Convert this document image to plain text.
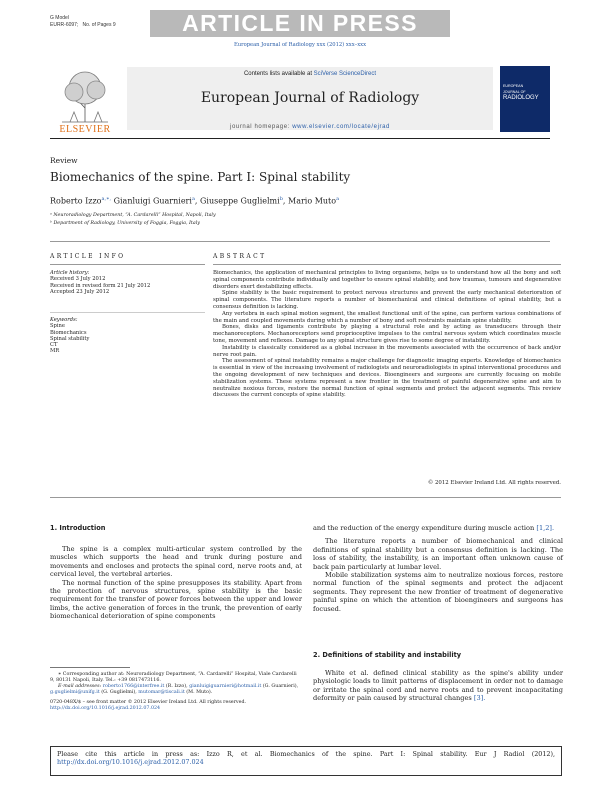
G Model
EURR-6097; No. of Pages 9	ARTICLE IN PRESS
European Journal of Radiology xxx (2012) xxx–xxx
ELSEVIER
Contents lists available at SciVerse ScienceDirect
European Journal of Radiology
journal homepage: www.elsevier.com/locate/ejrad
EUROPEAN
JOURNAL OF
RADIOLOGY
Review
Biomechanics of the spine. Part I: Spinal stability
Roberto Izzo$^{a,∗,}$ Gianluigi Guarnieri$^a$, Giuseppe Guglielmi$^b$, Mario Muto$^a$
ᵃ Neuroradiology Department, “A. Cardarelli” Hospital, Napoli, Italy
ᵇ Department of Radiology, University of Foggia, Foggia, Italy
ARTICLE INFO	ABSTRACT
Article history:
Received 3 July 2012
Received in revised form 21 July 2012
Accepted 23 July 2012
Keywords:
Spine
Biomechanics
Spinal stability
CT
MR

Biomechanics, the application of mechanical principles to living organisms, helps us to understand how all the bony and soft spinal components contribute individually and together to ensure spinal stability, and how traumas, tumours and degenerative disorders exert destabilizing effects.

Spine stability is the basic requirement to protect nervous structures and prevent the early mechanical deterioration of spinal components. The literature reports a number of biomechanical and clinical definitions of spinal stability, but a consensus definition is lacking.

Any vertebra in each spinal motion segment, the smallest functional unit of the spine, can perform various combinations of the main and coupled movements during which a number of bony and soft restraints maintain spine stability.

Bones, disks and ligaments contribute by playing a structural role and by acting as transducers through their mechanoreceptors. Mechanoreceptors send proprioceptive impulses to the central nervous system which coordinates muscle tone, movement and reflexes. Damage to any spinal structure gives rise to some degree of instability.

Instability is classically considered as a global increase in the movements associated with the occurrence of back and/or nerve root pain.

The assessment of spinal instability remains a major challenge for diagnostic imaging experts. Knowledge of biomechanics is essential in view of the increasing involvement of radiologists and neuroradiologists in spinal interventional procedures and the ongoing development of new techniques and devices. Bioengineers and surgeons are currently focusing on mobile stabilization systems. These systems represent a new frontier in the treatment of painful degenerative spine and aim to neutralize noxious forces, restore the normal function of spinal segments and protect the adjacent segments. This review discusses the current concepts of spine stability.

© 2012 Elsevier Ireland Ltd. All rights reserved.
1. Introduction

The spine is a complex multi-articular system controlled by the muscles which supports the head and trunk during posture and movements and encloses and protects the spinal cord, nerve roots and, at cervical level, the vertebral arteries.

The normal function of the spine presupposes its stability. Apart from the protection of nervous structures, spine stability is the basic requirement for the transfer of power forces between the upper and lower limbs, the active generation of forces in the trunk, the prevention of early biomechanical deterioration of spine components

∗ Corresponding author at: Neuroradiology Department, “A. Cardarelli” Hospital, Viale Cardarelli 9, 80131 Napoli, Italy. Tel.: +39 0817473116.
E-mail addresses: roberto1766@interfree.it (R. Izzo), gianluigiguarnieri@hotmail.it (G. Guarnieri), g.guglielmi@unifg.it (G. Guglielmi), mutomar@tiscali.it (M. Muto).
0720-048X/$ – see front matter © 2012 Elsevier Ireland Ltd. All rights reserved.
http://dx.doi.org/10.1016/j.ejrad.2012.07.024

and the reduction of the energy expenditure during muscle action [1,2].

The literature reports a number of biomechanical and clinical definitions of spinal stability but a consensus definition is lacking. The loss of stability, the instability, is an important often unknown cause of back pain particularly at lumbar level.

Mobile stabilization systems aim to neutralize noxious forces, restore normal function of the spinal segments and protect the adjacent segments. They represent the new frontier of treatment of degenerative painful spine on which the attention of bioengineers and surgeons has focused.

2. Definitions of stability and instability

White et al. defined clinical stability as the spine's ability under physiologic loads to limit patterns of displacement in order not to damage or irritate the spinal cord and nerve roots and to prevent incapacitating deformity or pain caused by structural changes [3].

Please cite this article in press as: Izzo R, et al. Biomechanics of the spine. Part I: Spinal stability. Eur J Radiol (2012), http://dx.doi.org/10.1016/j.ejrad.2012.07.024
